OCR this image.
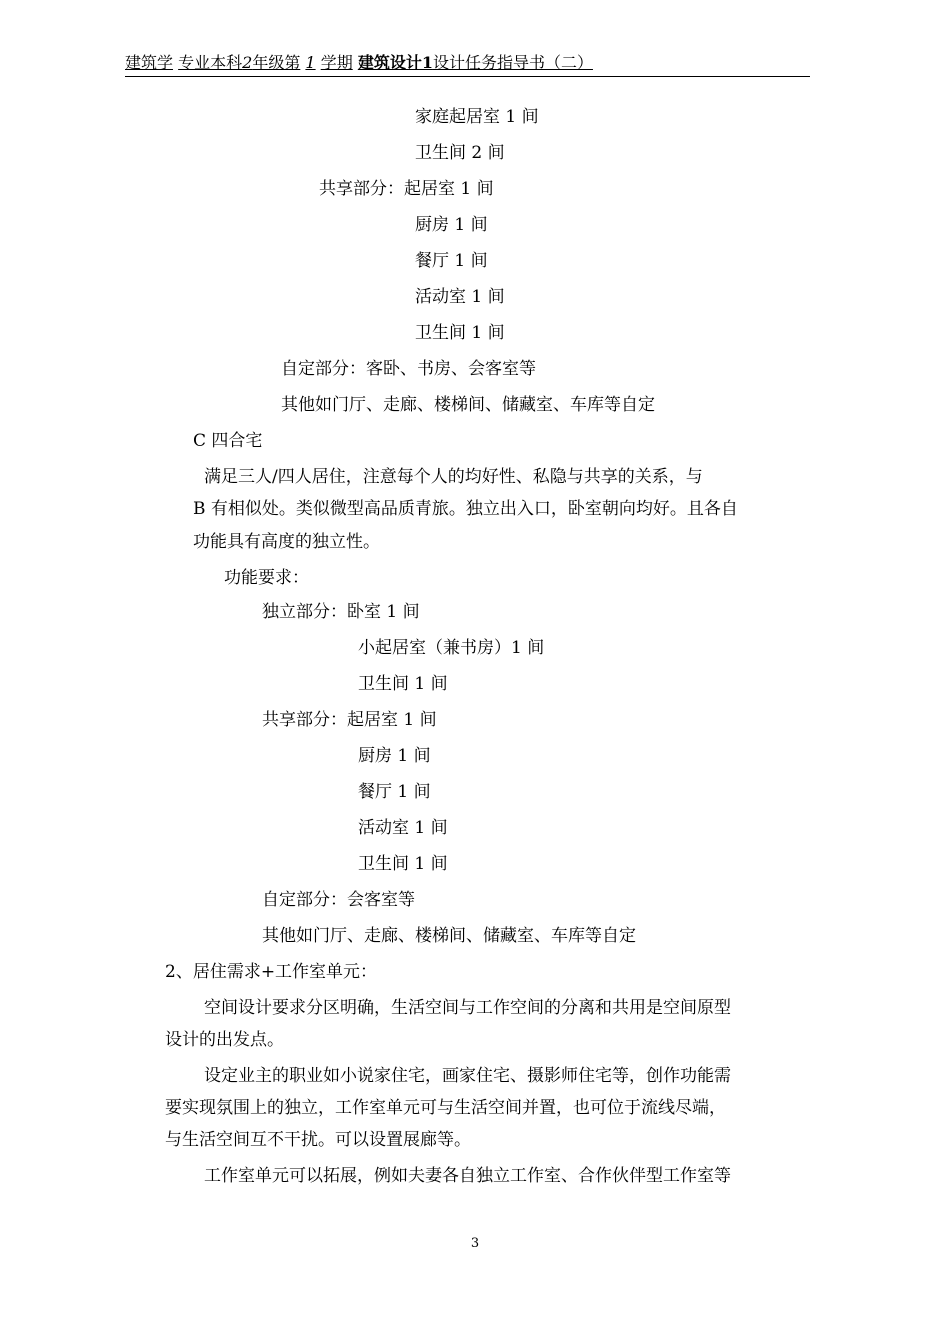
建筑学 专业本科2年级第 1 学期 建筑设计1设计任务指导书（二）
家庭起居室 1 间
卫生间 2 间
共享部分：起居室 1 间
厨房 1 间
餐厅 1 间
活动室 1 间
卫生间 1 间
自定部分：客卧、书房、会客室等
其他如门厅、走廊、楼梯间、储藏室、车库等自定
C 四合宅
满足三人/四人居住，注意每个人的均好性、私隐与共享的关系，与
B 有相似处。类似微型高品质青旅。独立出入口，卧室朝向均好。且各自
功能具有高度的独立性。
功能要求：
独立部分：卧室 1 间
小起居室（兼书房）1 间
卫生间 1 间
共享部分：起居室 1 间
厨房 1 间
餐厅 1 间
活动室 1 间
卫生间 1 间
自定部分：会客室等
其他如门厅、走廊、楼梯间、储藏室、车库等自定
2、居住需求+工作室单元：
空间设计要求分区明确，生活空间与工作空间的分离和共用是空间原型
设计的出发点。
设定业主的职业如小说家住宅，画家住宅、摄影师住宅等，创作功能需
要实现氛围上的独立，工作室单元可与生活空间并置，也可位于流线尽端，
与生活空间互不干扰。可以设置展廊等。
工作室单元可以拓展，例如夫妻各自独立工作室、合作伙伴型工作室等
3
